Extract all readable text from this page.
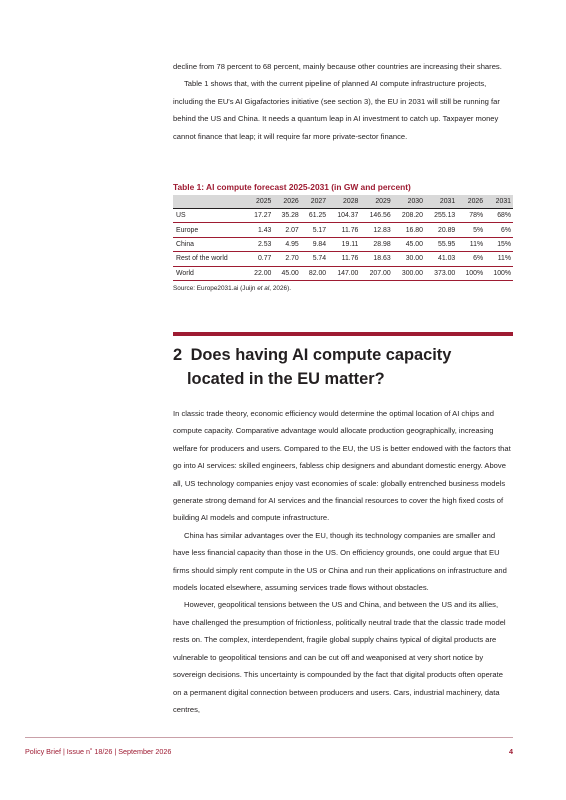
decline from 78 percent to 68 percent, mainly because other countries are increasing their shares.

Table 1 shows that, with the current pipeline of planned AI compute infrastructure projects, including the EU's AI Gigafactories initiative (see section 3), the EU in 2031 will still be running far behind the US and China. It needs a quantum leap in AI investment to catch up. Taxpayer money cannot finance that leap; it will require far more private-sector finance.

Table 1: AI compute forecast 2025-2031 (in GW and percent)

	2025	2026	2027	2028	2029	2030	2031	2026	2031
US	17.27	35.28	61.25	104.37	146.56	208.20	255.13	78%	68%
Europe	1.43	2.07	5.17	11.76	12.83	16.80	20.89	5%	6%
China	2.53	4.95	9.84	19.11	28.98	45.00	55.95	11%	15%
Rest of the world	0.77	2.70	5.74	11.76	18.63	30.00	41.03	6%	11%
World	22.00	45.00	82.00	147.00	207.00	300.00	373.00	100%	100%

Source: Europe2031.ai (Juijn et al, 2026).

2 Does having AI compute capacity
located in the EU matter?

In classic trade theory, economic efficiency would determine the optimal location of AI chips and compute capacity. Comparative advantage would allocate production geographically, increasing welfare for producers and users. Compared to the EU, the US is better endowed with the factors that go into AI services: skilled engineers, fabless chip designers and abundant domestic energy. Above all, US technology companies enjoy vast economies of scale: globally entrenched business models generate strong demand for AI services and the financial resources to cover the high fixed costs of building AI models and compute infrastructure.

China has similar advantages over the EU, though its technology companies are smaller and have less financial capacity than those in the US. On efficiency grounds, one could argue that EU firms should simply rent compute in the US or China and run their applications on infrastructure and models located elsewhere, assuming services trade flows without obstacles.

However, geopolitical tensions between the US and China, and between the US and its allies, have challenged the presumption of frictionless, politically neutral trade that the classic trade model rests on. The complex, interdependent, fragile global supply chains typical of digital products are vulnerable to geopolitical tensions and can be cut off and weaponised at very short notice by sovereign decisions. This uncertainty is compounded by the fact that digital products often operate on a permanent digital connection between producers and users. Cars, industrial machinery, data centres,

Policy Brief | Issue n˚ 18/26 | September 2026	4
